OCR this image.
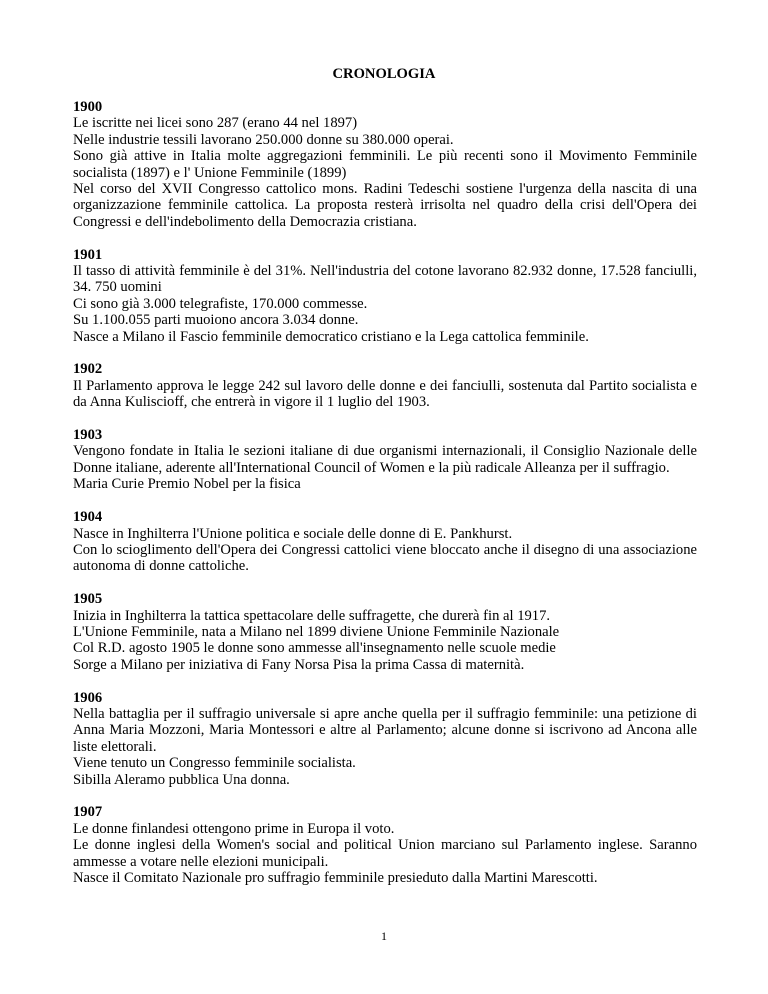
CRONOLOGIA
1900
Le iscritte nei licei sono 287 (erano 44 nel 1897)
Nelle industrie tessili lavorano 250.000 donne su 380.000 operai.
Sono già attive in Italia molte aggregazioni femminili. Le più recenti sono il Movimento Femminile socialista (1897) e l' Unione Femminile (1899)
Nel corso del XVII Congresso cattolico mons. Radini Tedeschi sostiene l'urgenza della nascita di una organizzazione femminile cattolica. La proposta resterà irrisolta nel quadro della crisi dell'Opera dei Congressi e dell'indebolimento della Democrazia cristiana.
1901
Il tasso di attività femminile è del 31%. Nell'industria del cotone lavorano 82.932 donne, 17.528 fanciulli, 34. 750 uomini
Ci sono già 3.000 telegrafiste, 170.000 commesse.
Su 1.100.055 parti muoiono ancora 3.034 donne.
Nasce a Milano il Fascio femminile democratico cristiano e la Lega cattolica femminile.
1902
Il Parlamento approva le legge 242 sul lavoro delle donne e dei fanciulli, sostenuta dal Partito socialista e da Anna Kuliscioff, che entrerà in vigore il 1 luglio del 1903.
1903
Vengono fondate in Italia le sezioni italiane di due organismi internazionali, il Consiglio Nazionale delle Donne italiane, aderente all'International Council of Women e la più radicale Alleanza per il suffragio.
Maria Curie Premio Nobel per la fisica
1904
Nasce in Inghilterra l'Unione politica e sociale delle donne di E. Pankhurst.
Con lo scioglimento dell'Opera dei Congressi cattolici viene bloccato anche il disegno di una associazione autonoma di donne cattoliche.
1905
Inizia in Inghilterra la tattica spettacolare delle suffragette, che durerà fin al 1917.
L'Unione Femminile, nata a Milano nel 1899 diviene Unione Femminile Nazionale
Col R.D. agosto 1905 le donne sono ammesse all'insegnamento nelle scuole medie
Sorge a Milano per iniziativa di Fany Norsa Pisa la prima Cassa di maternità.
1906
Nella battaglia per il suffragio universale si apre anche quella per il suffragio femminile: una petizione di Anna Maria Mozzoni, Maria Montessori e altre al Parlamento; alcune donne si iscrivono ad Ancona alle liste elettorali.
Viene tenuto un Congresso femminile socialista.
Sibilla Aleramo pubblica Una donna.
1907
Le donne finlandesi ottengono prime in Europa il voto.
Le donne inglesi della Women's social and political Union marciano sul Parlamento inglese. Saranno ammesse a votare nelle elezioni municipali.
Nasce il Comitato Nazionale pro suffragio femminile presieduto dalla Martini Marescotti.
1
